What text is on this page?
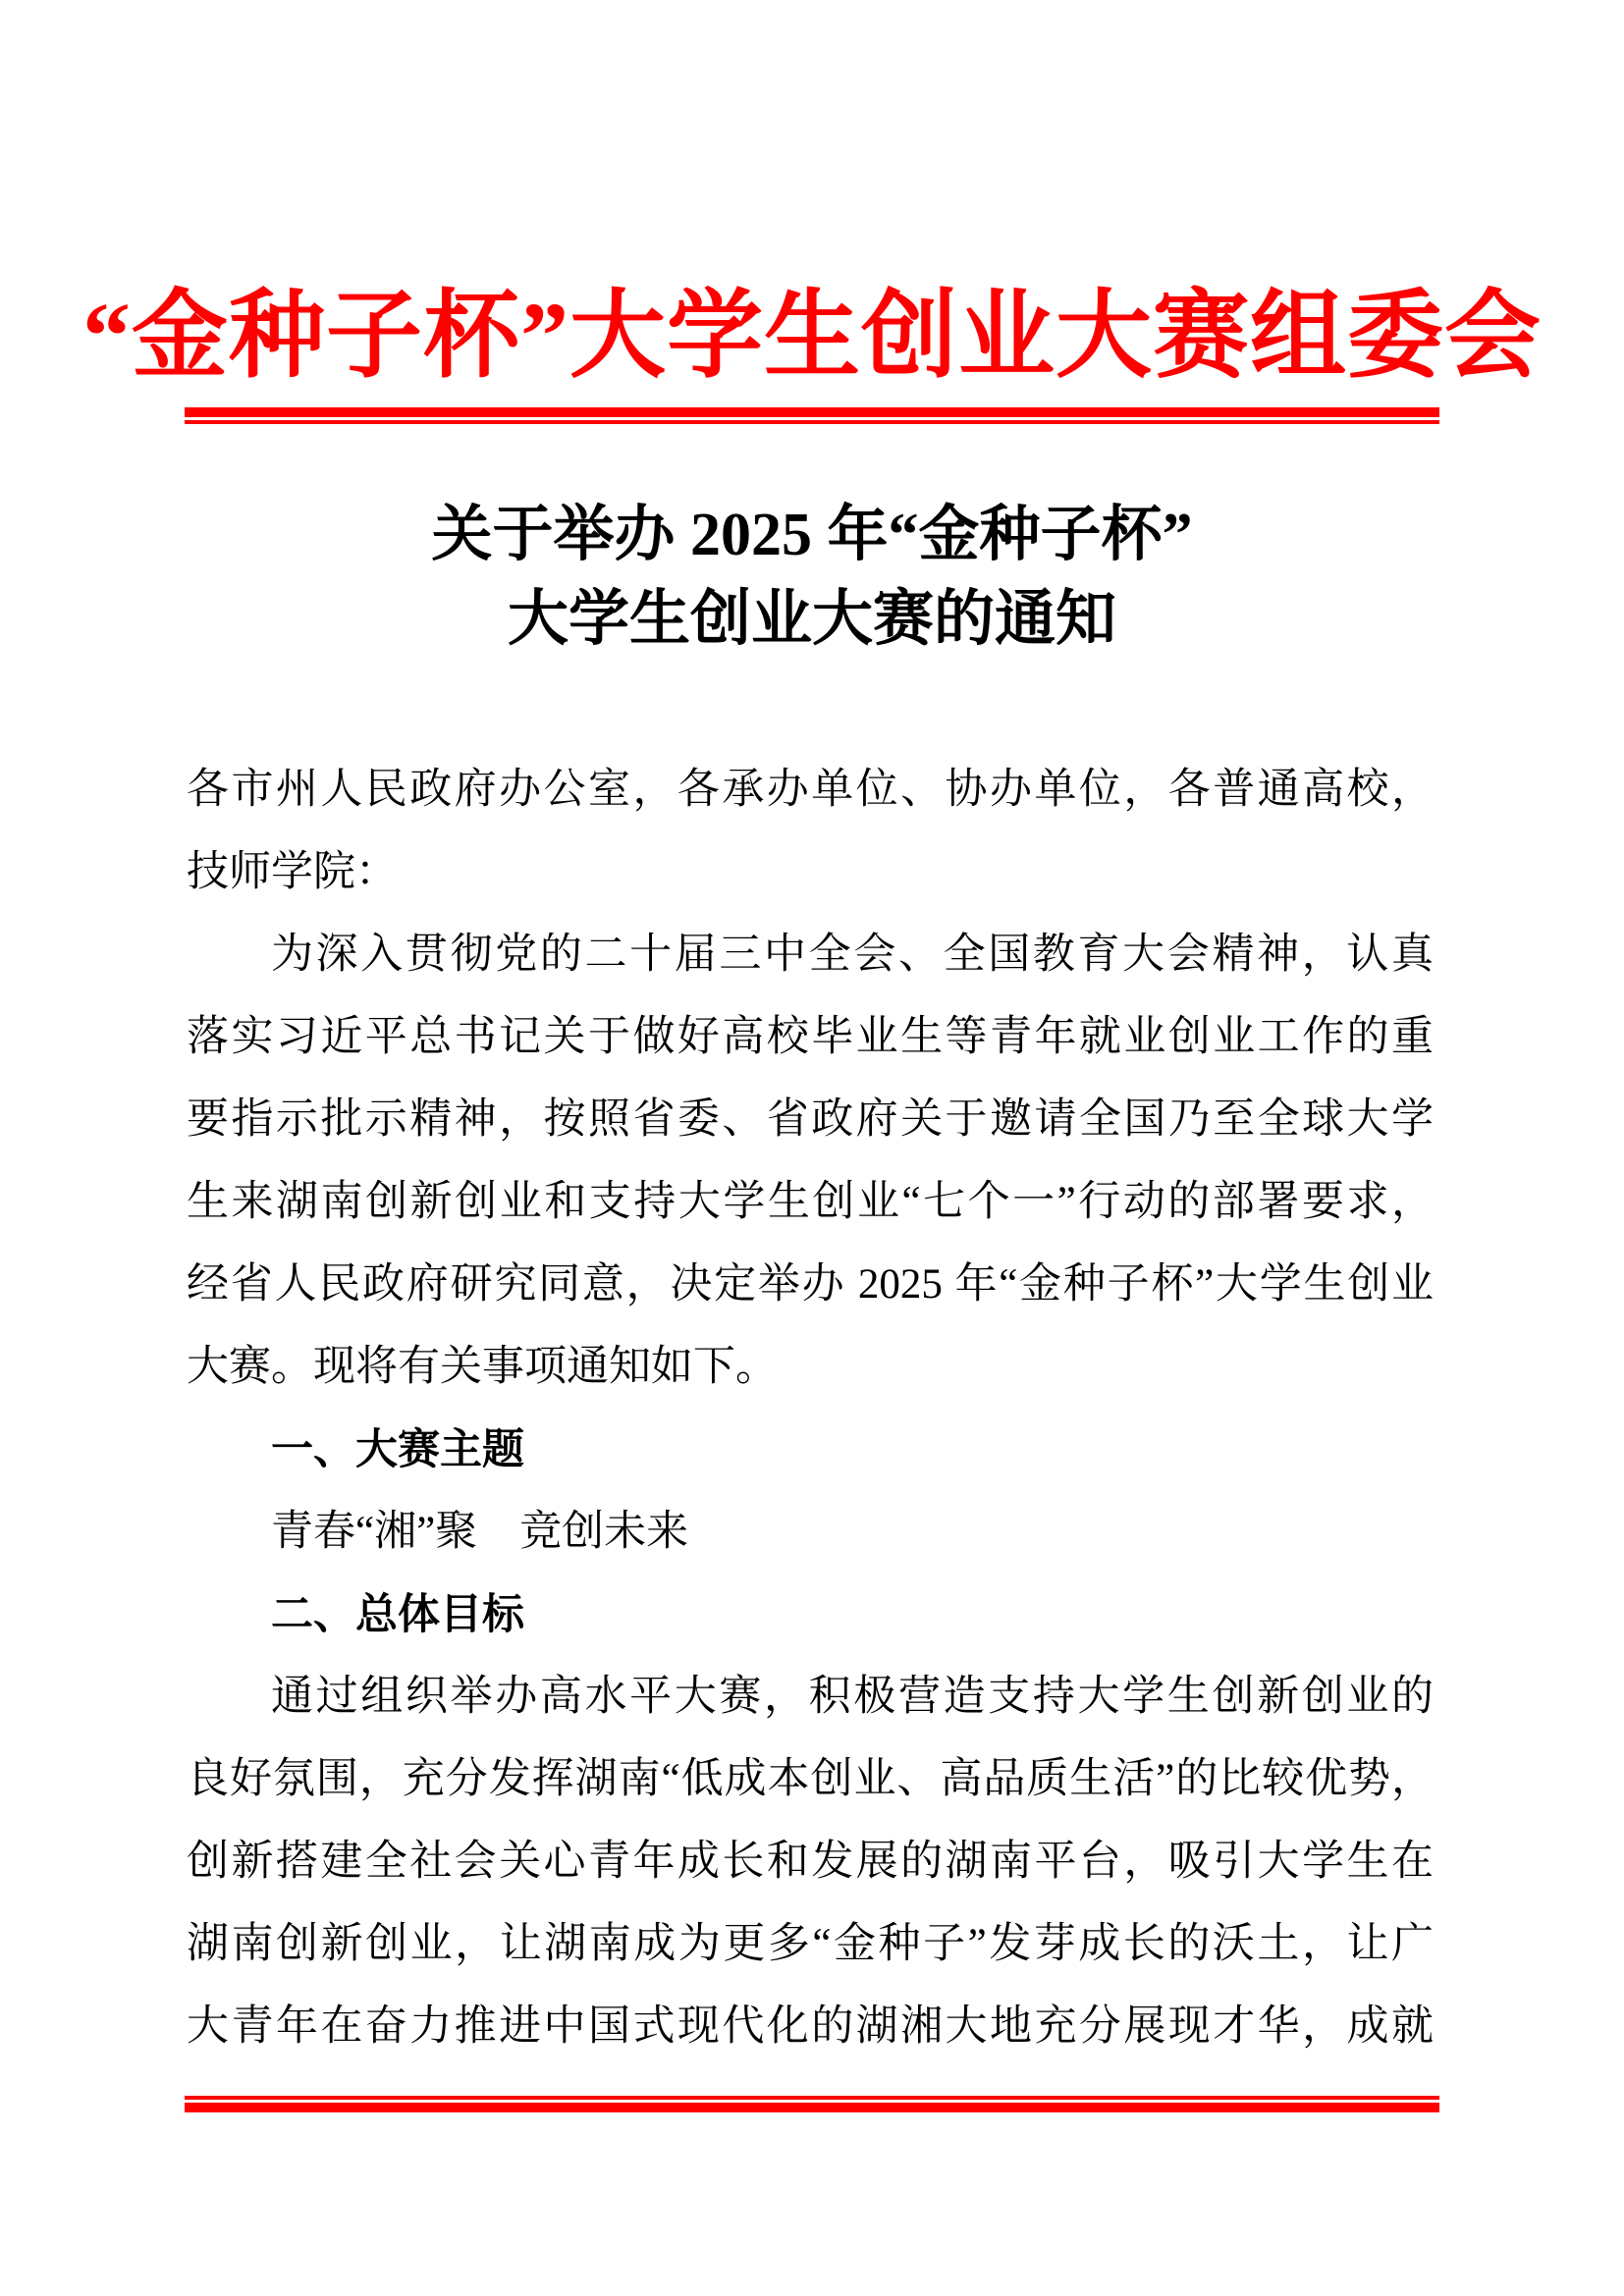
“金种子杯”大学生创业大赛组委会
关于举办 2025 年“金种子杯”
大学生创业大赛的通知
各市州人民政府办公室，各承办单位、协办单位，各普通高校，
技师学院：
为深入贯彻党的二十届三中全会、全国教育大会精神，认真
落实习近平总书记关于做好高校毕业生等青年就业创业工作的重
要指示批示精神，按照省委、省政府关于邀请全国乃至全球大学
生来湖南创新创业和支持大学生创业“七个一”行动的部署要求，
经省人民政府研究同意，决定举办 2025 年“金种子杯”大学生创业
大赛。现将有关事项通知如下。
一、大赛主题
青春“湘”聚　竞创未来
二、总体目标
通过组织举办高水平大赛，积极营造支持大学生创新创业的
良好氛围，充分发挥湖南“低成本创业、高品质生活”的比较优势，
创新搭建全社会关心青年成长和发展的湖南平台，吸引大学生在
湖南创新创业，让湖南成为更多“金种子”发芽成长的沃土，让广
大青年在奋力推进中国式现代化的湖湘大地充分展现才华，成就
